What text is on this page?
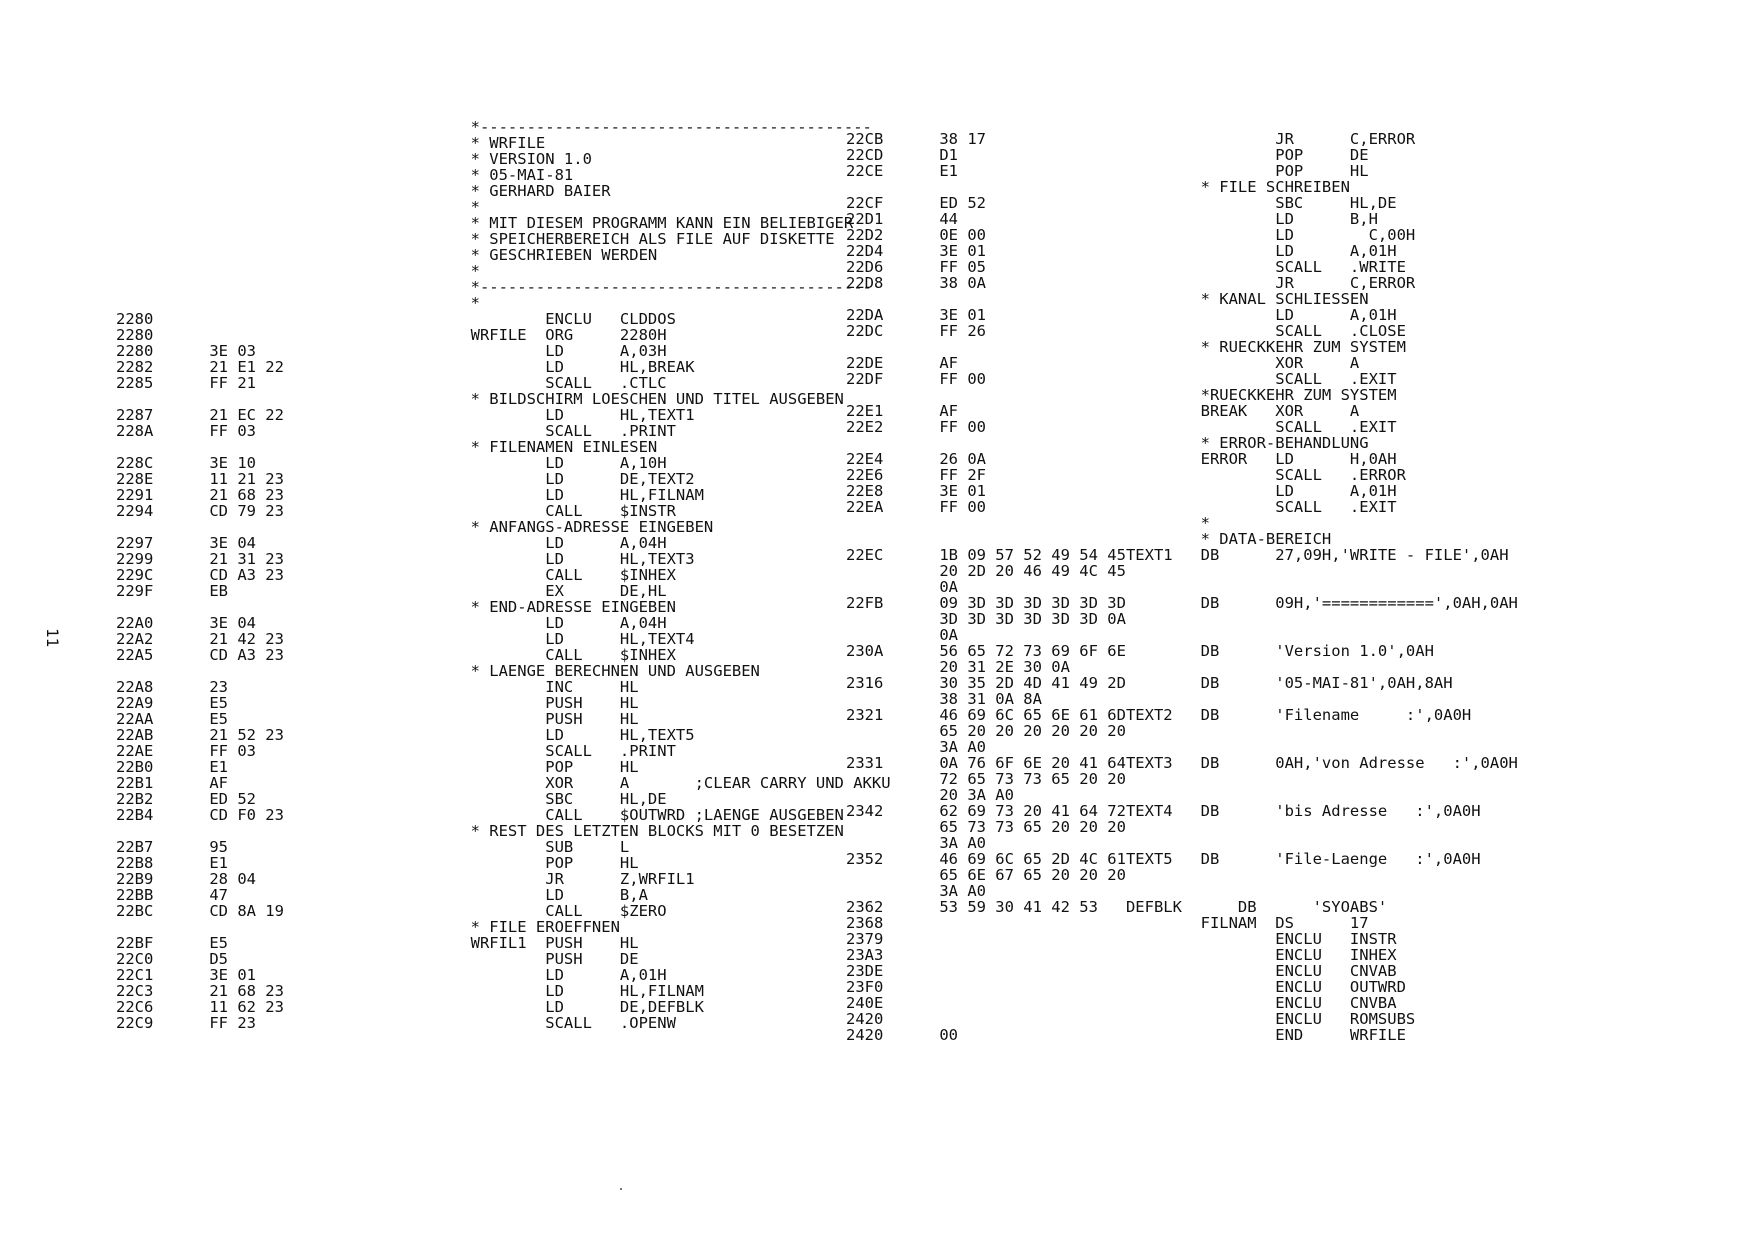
11
*------------------------------------------
* WRFILE
* VERSION 1.0
* 05-MAI-81
* GERHARD BAIER
*
* MIT DIESEM PROGRAMM KANN EIN BELIEBIGER
* SPEICHERBEREICH ALS FILE AUF DISKETTE
* GESCHRIEBEN WERDEN
*
*------------------------------------------
*
2280                                          ENCLU   CLDDOS
2280                                  WRFILE  ORG     2280H
2280      3E 03                               LD      A,03H
2282      21 E1 22                            LD      HL,BREAK
2285      FF 21                               SCALL   .CTLC
* BILDSCHIRM LOESCHEN UND TITEL AUSGEBEN
2287      21 EC 22                            LD      HL,TEXT1
228A      FF 03                               SCALL   .PRINT
* FILENAMEN EINLESEN
228C      3E 10                               LD      A,10H
228E      11 21 23                            LD      DE,TEXT2
2291      21 68 23                            LD      HL,FILNAM
2294      CD 79 23                            CALL    $INSTR
* ANFANGS-ADRESSE EINGEBEN
2297      3E 04                               LD      A,04H
2299      21 31 23                            LD      HL,TEXT3
229C      CD A3 23                            CALL    $INHEX
229F      EB                                  EX      DE,HL
* END-ADRESSE EINGEBEN
22A0      3E 04                               LD      A,04H
22A2      21 42 23                            LD      HL,TEXT4
22A5      CD A3 23                            CALL    $INHEX
* LAENGE BERECHNEN UND AUSGEBEN
22A8      23                                  INC     HL
22A9      E5                                  PUSH    HL
22AA      E5                                  PUSH    HL
22AB      21 52 23                            LD      HL,TEXT5
22AE      FF 03                               SCALL   .PRINT
22B0      E1                                  POP     HL
22B1      AF                                  XOR     A       ;CLEAR CARRY UND AKKU
22B2      ED 52                               SBC     HL,DE
22B4      CD F0 23                            CALL    $OUTWRD ;LAENGE AUSGEBEN
* REST DES LETZTEN BLOCKS MIT 0 BESETZEN
22B7      95                                  SUB     L
22B8      E1                                  POP     HL
22B9      28 04                               JR      Z,WRFIL1
22BB      47                                  LD      B,A
22BC      CD 8A 19                            CALL    $ZERO
* FILE EROEFFNEN
22BF      E5                          WRFIL1  PUSH    HL
22C0      D5                                  PUSH    DE
22C1      3E 01                               LD      A,01H
22C3      21 68 23                            LD      HL,FILNAM
22C6      11 62 23                            LD      DE,DEFBLK
22C9      FF 23                               SCALL   .OPENW
22CB      38 17                               JR      C,ERROR
22CD      D1                                  POP     DE
22CE      E1                                  POP     HL
* FILE SCHREIBEN
22CF      ED 52                               SBC     HL,DE
22D1      44                                  LD      B,H
22D2      0E 00                               LD        C,00H
22D4      3E 01                               LD      A,01H
22D6      FF 05                               SCALL   .WRITE
22D8      38 0A                               JR      C,ERROR
* KANAL SCHLIESSEN
22DA      3E 01                               LD      A,01H
22DC      FF 26                               SCALL   .CLOSE
* RUECKKEHR ZUM SYSTEM
22DE      AF                                  XOR     A
22DF      FF 00                               SCALL   .EXIT
*RUECKKEHR ZUM SYSTEM
22E1      AF                          BREAK   XOR     A
22E2      FF 00                               SCALL   .EXIT
* ERROR-BEHANDLUNG
22E4      26 0A                       ERROR   LD      H,0AH
22E6      FF 2F                               SCALL   .ERROR
22E8      3E 01                               LD      A,01H
22EA      FF 00                               SCALL   .EXIT
*
* DATA-BEREICH
22EC      1B 09 57 52 49 54 45TEXT1   DB      27,09H,'WRITE - FILE',0AH
20 2D 20 46 49 4C 45
0A
22FB      09 3D 3D 3D 3D 3D 3D        DB      09H,'============',0AH,0AH
3D 3D 3D 3D 3D 3D 0A
0A
230A      56 65 72 73 69 6F 6E        DB      'Version 1.0',0AH
20 31 2E 30 0A
2316      30 35 2D 4D 41 49 2D        DB      '05-MAI-81',0AH,8AH
38 31 0A 8A
2321      46 69 6C 65 6E 61 6DTEXT2   DB      'Filename     :',0A0H
65 20 20 20 20 20 20
3A A0
2331      0A 76 6F 6E 20 41 64TEXT3   DB      0AH,'von Adresse   :',0A0H
72 65 73 73 65 20 20
20 3A A0
2342      62 69 73 20 41 64 72TEXT4   DB      'bis Adresse   :',0A0H
65 73 73 65 20 20 20
3A A0
2352      46 69 6C 65 2D 4C 61TEXT5   DB      'File-Laenge   :',0A0H
65 6E 67 65 20 20 20
3A A0
2362      53 59 30 41 42 53   DEFBLK      DB      'SYOABS'
2368                                  FILNAM  DS      17
2379                                          ENCLU   INSTR
23A3                                          ENCLU   INHEX
23DE                                          ENCLU   CNVAB
23F0                                          ENCLU   OUTWRD
240E                                          ENCLU   CNVBA
2420                                          ENCLU   ROMSUBS
2420      00                                  END     WRFILE
